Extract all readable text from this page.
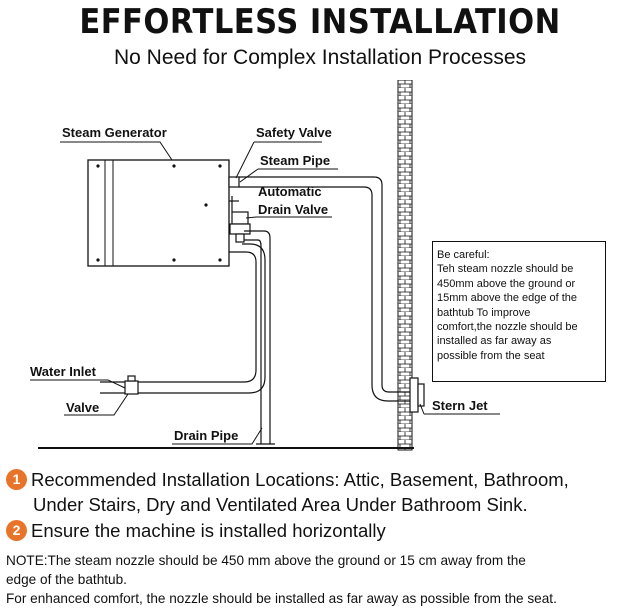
EFFORTLESS INSTALLATION
No Need for Complex Installation Processes
Steam Generator	Safety Valve
Steam Pipe
Automatic
Drain Valve
Water Inlet
Valve
Drain Pipe
Stern Jet
Be careful:
Teh steam nozzle should be
450mm above the ground or
15mm above the edge of the
bathtub To improve
comfort,the nozzle should be
installed as far away as
possible from the seat
1 Recommended Installation Locations: Attic, Basement, Bathroom,
Under Stairs, Dry and Ventilated Area Under Bathroom Sink.
2 Ensure the machine is installed horizontally
NOTE:The steam nozzle should be 450 mm above the ground or 15 cm away from the
edge of the bathtub.
For enhanced comfort, the nozzle should be installed as far away as possible from the seat.
